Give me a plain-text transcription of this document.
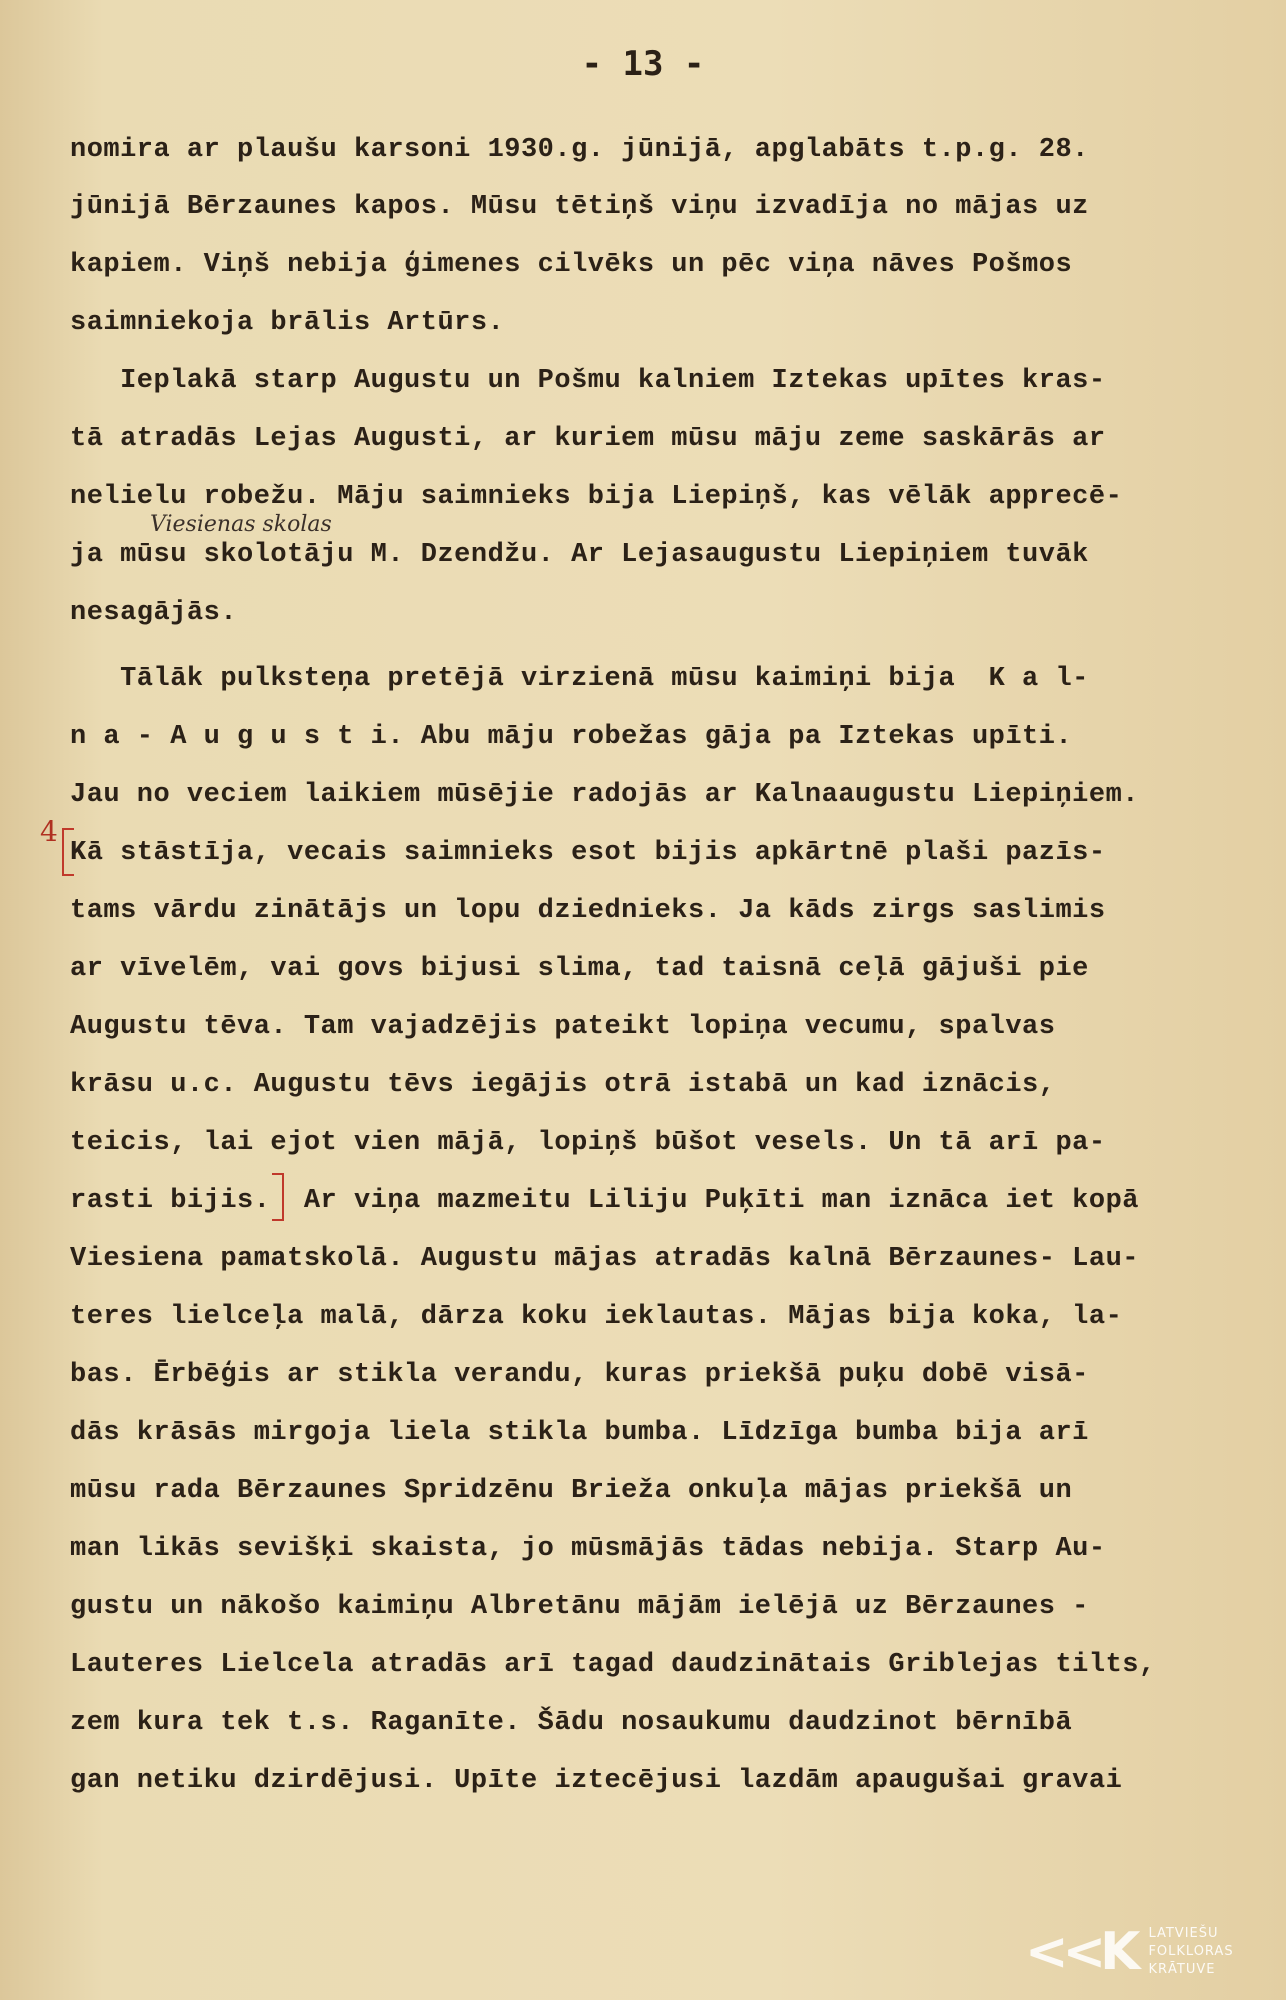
- 13 -
nomira ar plaušu karsoni 1930.g. jūnijā, apglabāts t.p.g. 28.
jūnijā Bērzaunes kapos. Mūsu tētiņš viņu izvadīja no mājas uz
kapiem. Viņš nebija ģimenes cilvēks un pēc viņa nāves Pošmos
saimniekoja brālis Artūrs.
Ieplakā starp Augustu un Pošmu kalniem Iztekas upītes kras-
tā atradās Lejas Augusti, ar kuriem mūsu māju zeme saskārās ar
nelielu robežu. Māju saimnieks bija Liepiņš, kas vēlāk apprecē-
ja mūsu skolotāju M. Dzendžu. Ar Lejasaugustu Liepiņiem tuvāk
nesagājās.
Tālāk pulksteņa pretējā virzienā mūsu kaimiņi bija  K a l-
n a - A u g u s t i. Abu māju robežas gāja pa Iztekas upīti.
Jau no veciem laikiem mūsējie radojās ar Kalnaaugustu Liepiņiem.
Kā stāstīja, vecais saimnieks esot bijis apkārtnē plaši pazīs-
tams vārdu zinātājs un lopu dziednieks. Ja kāds zirgs saslimis
ar vīvelēm, vai govs bijusi slima, tad taisnā ceļā gājuši pie
Augustu tēva. Tam vajadzējis pateikt lopiņa vecumu, spalvas
krāsu u.c. Augustu tēvs iegājis otrā istabā un kad iznācis,
teicis, lai ejot vien mājā, lopiņš būšot vesels. Un tā arī pa-
rasti bijis.  Ar viņa mazmeitu Liliju Puķīti man iznāca iet kopā
Viesiena pamatskolā. Augustu mājas atradās kalnā Bērzaunes- Lau-
teres lielceļa malā, dārza koku ieklautas. Mājas bija koka, la-
bas. Ērbēģis ar stikla verandu, kuras priekšā puķu dobē visā-
dās krāsās mirgoja liela stikla bumba. Līdzīga bumba bija arī
mūsu rada Bērzaunes Spridzēnu Brieža onkuļa mājas priekšā un
man likās sevišķi skaista, jo mūsmājās tādas nebija. Starp Au-
gustu un nākošo kaimiņu Albretānu mājām ielējā uz Bērzaunes -
Lauteres Lielcela atradās arī tagad daudzinātais Griblejas tilts,
zem kura tek t.s. Raganīte. Šādu nosaukumu daudzinot bērnībā
gan netiku dzirdējusi. Upīte iztecējusi lazdām apaugušai gravai
Viesienas skolas
4
<<K LATVIEŠU
FOLKLORAS
KRĀTUVE
